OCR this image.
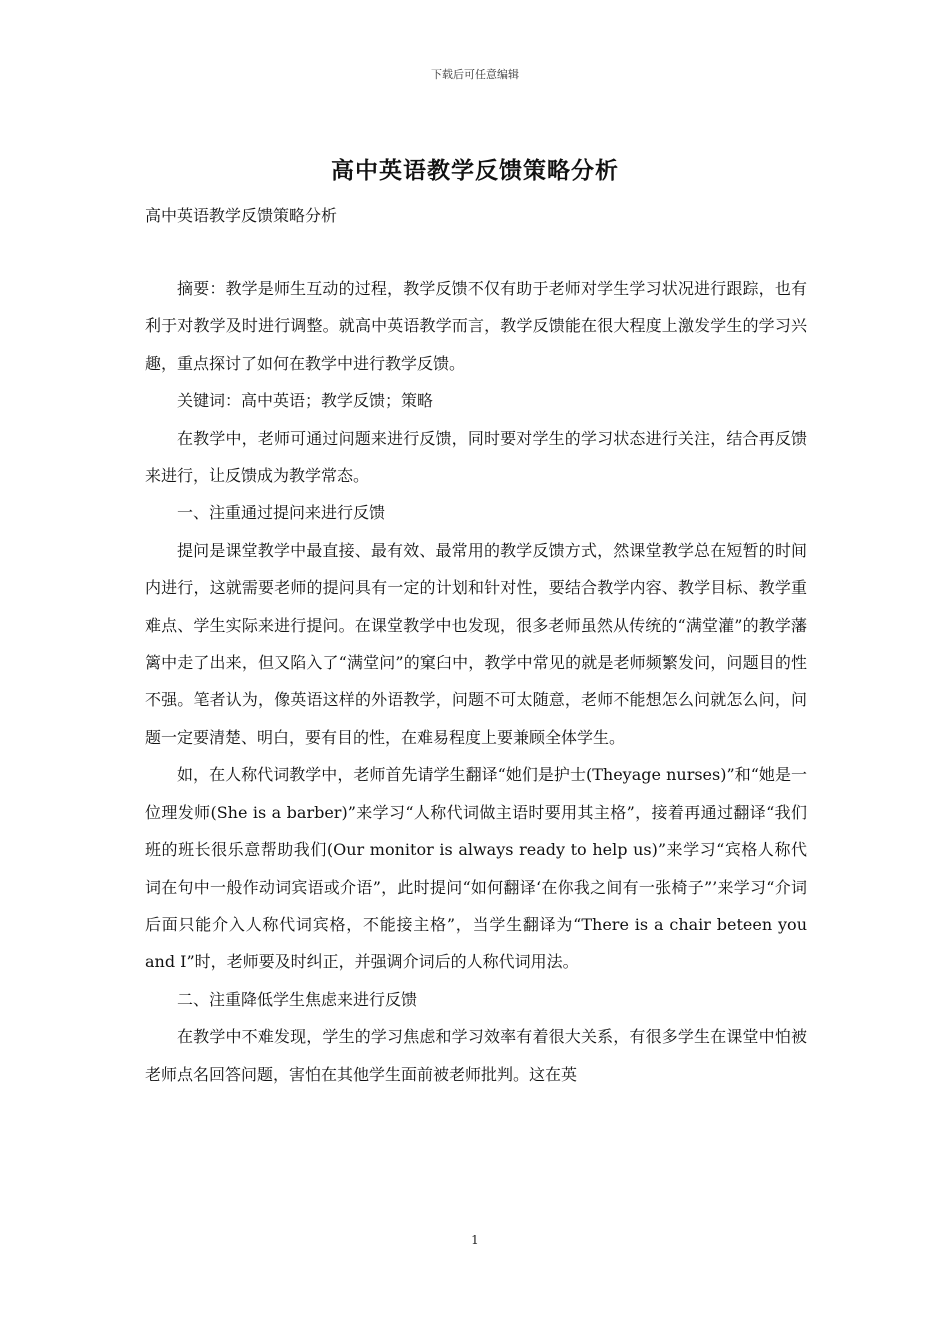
下载后可任意编辑
高中英语教学反馈策略分析
高中英语教学反馈策略分析

摘要：教学是师生互动的过程，教学反馈不仅有助于老师对学生学习状况进行跟踪，也有利于对教学及时进行调整。就高中英语教学而言，教学反馈能在很大程度上激发学生的学习兴趣，重点探讨了如何在教学中进行教学反馈。

关键词：高中英语；教学反馈；策略

在教学中，老师可通过问题来进行反馈，同时要对学生的学习状态进行关注，结合再反馈来进行，让反馈成为教学常态。

一、注重通过提问来进行反馈

提问是课堂教学中最直接、最有效、最常用的教学反馈方式，然课堂教学总在短暂的时间内进行，这就需要老师的提问具有一定的计划和针对性，要结合教学内容、教学目标、教学重难点、学生实际来进行提问。在课堂教学中也发现，很多老师虽然从传统的“满堂灌”的教学藩篱中走了出来，但又陷入了“满堂问”的窠臼中，教学中常见的就是老师频繁发问，问题目的性不强。笔者认为，像英语这样的外语教学，问题不可太随意，老师不能想怎么问就怎么问，问题一定要清楚、明白，要有目的性，在难易程度上要兼顾全体学生。

如，在人称代词教学中，老师首先请学生翻译“她们是护士(Theyage nurses)”和“她是一位理发师(She is a barber)”来学习“人称代词做主语时要用其主格”，接着再通过翻译“我们班的班长很乐意帮助我们(Our monitor is always ready to help us)”来学习“宾格人称代词在句中一般作动词宾语或介语”，此时提问“如何翻译‘在你我之间有一张椅子”’来学习“介词后面只能介入人称代词宾格，不能接主格”，当学生翻译为“There is a chair beteen you and I”时，老师要及时纠正，并强调介词后的人称代词用法。

二、注重降低学生焦虑来进行反馈

在教学中不难发现，学生的学习焦虑和学习效率有着很大关系，有很多学生在课堂中怕被老师点名回答问题，害怕在其他学生面前被老师批判。这在英

1
